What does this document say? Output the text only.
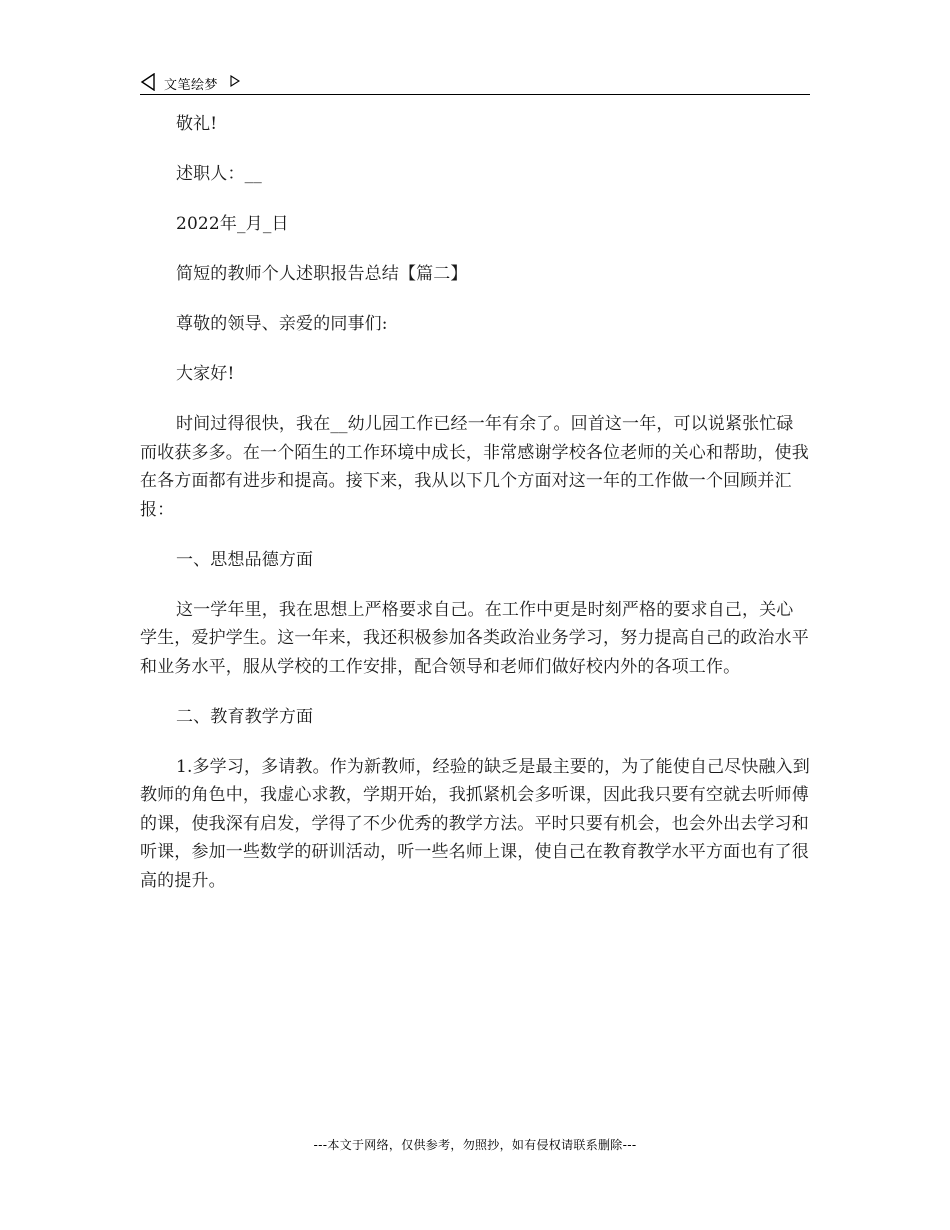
文笔绘梦

敬礼!

述职人：__

2022年_月_日

简短的教师个人述职报告总结【篇二】

尊敬的领导、亲爱的同事们:

大家好!

时间过得很快，我在__幼儿园工作已经一年有余了。回首这一年，可以说紧张忙碌而收获多多。在一个陌生的工作环境中成长，非常感谢学校各位老师的关心和帮助，使我在各方面都有进步和提高。接下来，我从以下几个方面对这一年的工作做一个回顾并汇报：

一、思想品德方面

这一学年里，我在思想上严格要求自己。在工作中更是时刻严格的要求自己，关心学生，爱护学生。这一年来，我还积极参加各类政治业务学习，努力提高自己的政治水平和业务水平，服从学校的工作安排，配合领导和老师们做好校内外的各项工作。

二、教育教学方面

1.多学习，多请教。作为新教师，经验的缺乏是最主要的，为了能使自己尽快融入到教师的角色中，我虚心求教，学期开始，我抓紧机会多听课，因此我只要有空就去听师傅的课，使我深有启发，学得了不少优秀的教学方法。平时只要有机会，也会外出去学习和听课，参加一些数学的研训活动，听一些名师上课，使自己在教育教学水平方面也有了很高的提升。

---本文于网络，仅供参考，勿照抄，如有侵权请联系删除---
